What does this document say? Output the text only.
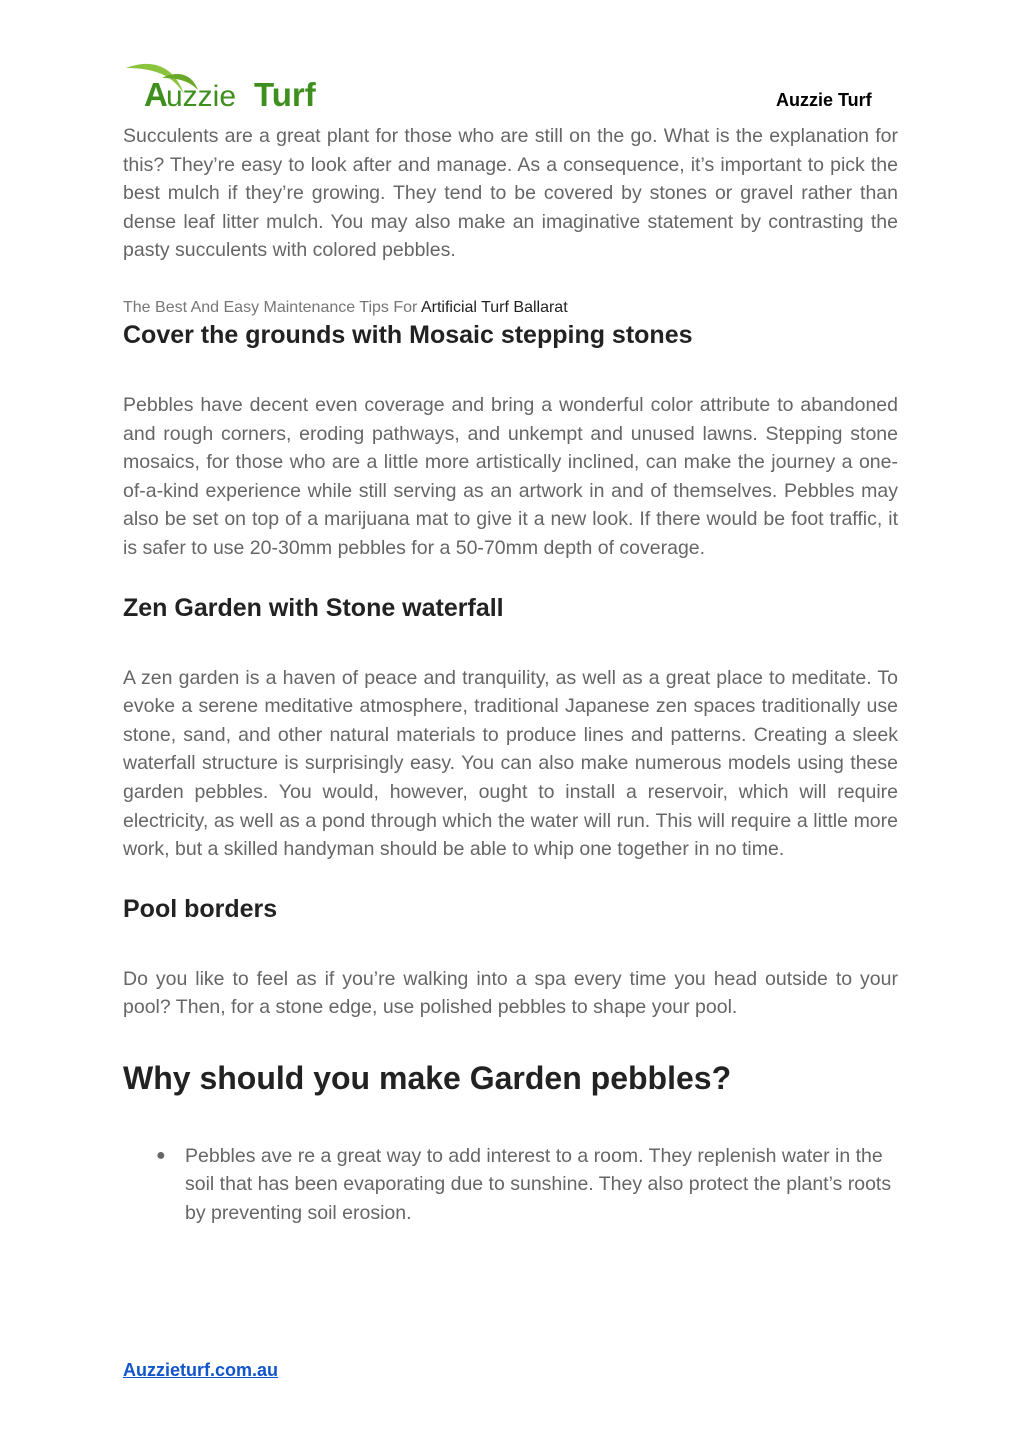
A
uzzie Turf	Auzzie Turf

Succulents are a great plant for those who are still on the go. What is the explanation for this? They’re easy to look after and manage. As a consequence, it’s important to pick the best mulch if they’re growing. They tend to be covered by stones or gravel rather than dense leaf litter mulch. You may also make an imaginative statement by contrasting the pasty succulents with colored pebbles.

The Best And Easy Maintenance Tips For Artificial Turf Ballarat

Cover the grounds with Mosaic stepping stones

Pebbles have decent even coverage and bring a wonderful color attribute to abandoned and rough corners, eroding pathways, and unkempt and unused lawns. Stepping stone mosaics, for those who are a little more artistically inclined, can make the journey a one-of-a-kind experience while still serving as an artwork in and of themselves. Pebbles may also be set on top of a marijuana mat to give it a new look. If there would be foot traffic, it is safer to use 20-30mm pebbles for a 50-70mm depth of coverage.

Zen Garden with Stone waterfall

A zen garden is a haven of peace and tranquility, as well as a great place to meditate. To evoke a serene meditative atmosphere, traditional Japanese zen spaces traditionally use stone, sand, and other natural materials to produce lines and patterns. Creating a sleek waterfall structure is surprisingly easy. You can also make numerous models using these garden pebbles. You would, however, ought to install a reservoir, which will require electricity, as well as a pond through which the water will run. This will require a little more work, but a skilled handyman should be able to whip one together in no time.

Pool borders

Do you like to feel as if you’re walking into a spa every time you head outside to your pool? Then, for a stone edge, use polished pebbles to shape your pool.

Why should you make Garden pebbles?
● Pebbles ave re a great way to add interest to a room. They replenish water in the soil that has been evaporating due to sunshine. They also protect the plant’s roots by preventing soil erosion.
Auzzieturf.com.au
